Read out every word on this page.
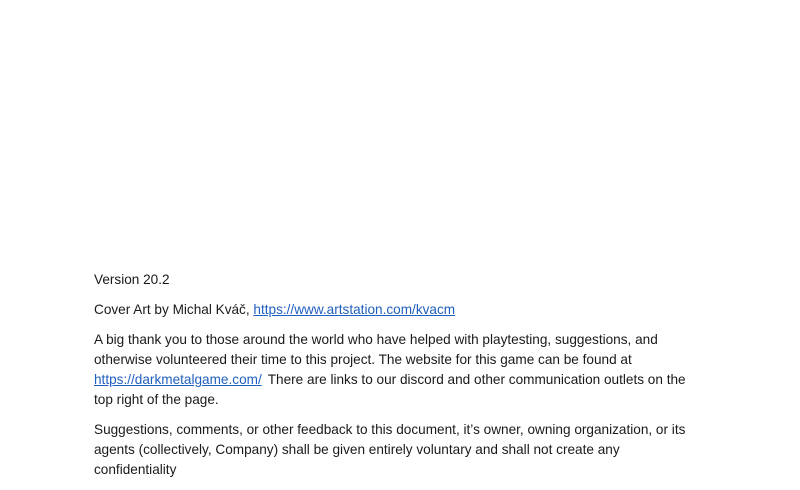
Version 20.2

Cover Art by Michal Kváč, https://www.artstation.com/kvacm

A big thank you to those around the world who have helped with playtesting, suggestions, and otherwise volunteered their time to this project. The website for this game can be found at https://darkmetalgame.com/ There are links to our discord and other communication outlets on the top right of the page.

Suggestions, comments, or other feedback to this document, it’s owner, owning organization, or its agents (collectively, Company) shall be given entirely voluntary and shall not create any confidentiality
